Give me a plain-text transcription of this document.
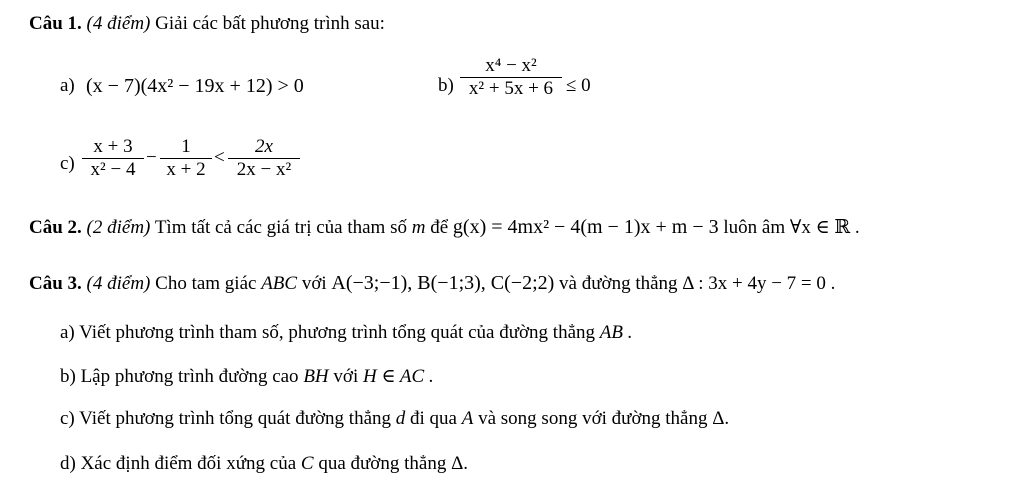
Câu 1. (4 điểm) Giải các bất phương trình sau:
a) (x − 7)(4x² − 19x + 12) > 0	b)
x⁴ − x²
x² + 5x + 6 ≤ 0
c)
x + 3
x² − 4
−
1
x + 2
<
2x
2x − x²
Câu 2. (2 điểm) Tìm tất cả các giá trị của tham số m để g(x) = 4mx² − 4(m − 1)x + m − 3 luôn âm ∀x ∈ ℝ .
Câu 3. (4 điểm) Cho tam giác ABC với A(−3;−1), B(−1;3), C(−2;2) và đường thẳng Δ : 3x + 4y − 7 = 0 .
a) Viết phương trình tham số, phương trình tổng quát của đường thẳng AB .
b) Lập phương trình đường cao BH với H ∈ AC .
c) Viết phương trình tổng quát đường thẳng d đi qua A và song song với đường thẳng Δ.
d) Xác định điểm đối xứng của C qua đường thẳng Δ.
